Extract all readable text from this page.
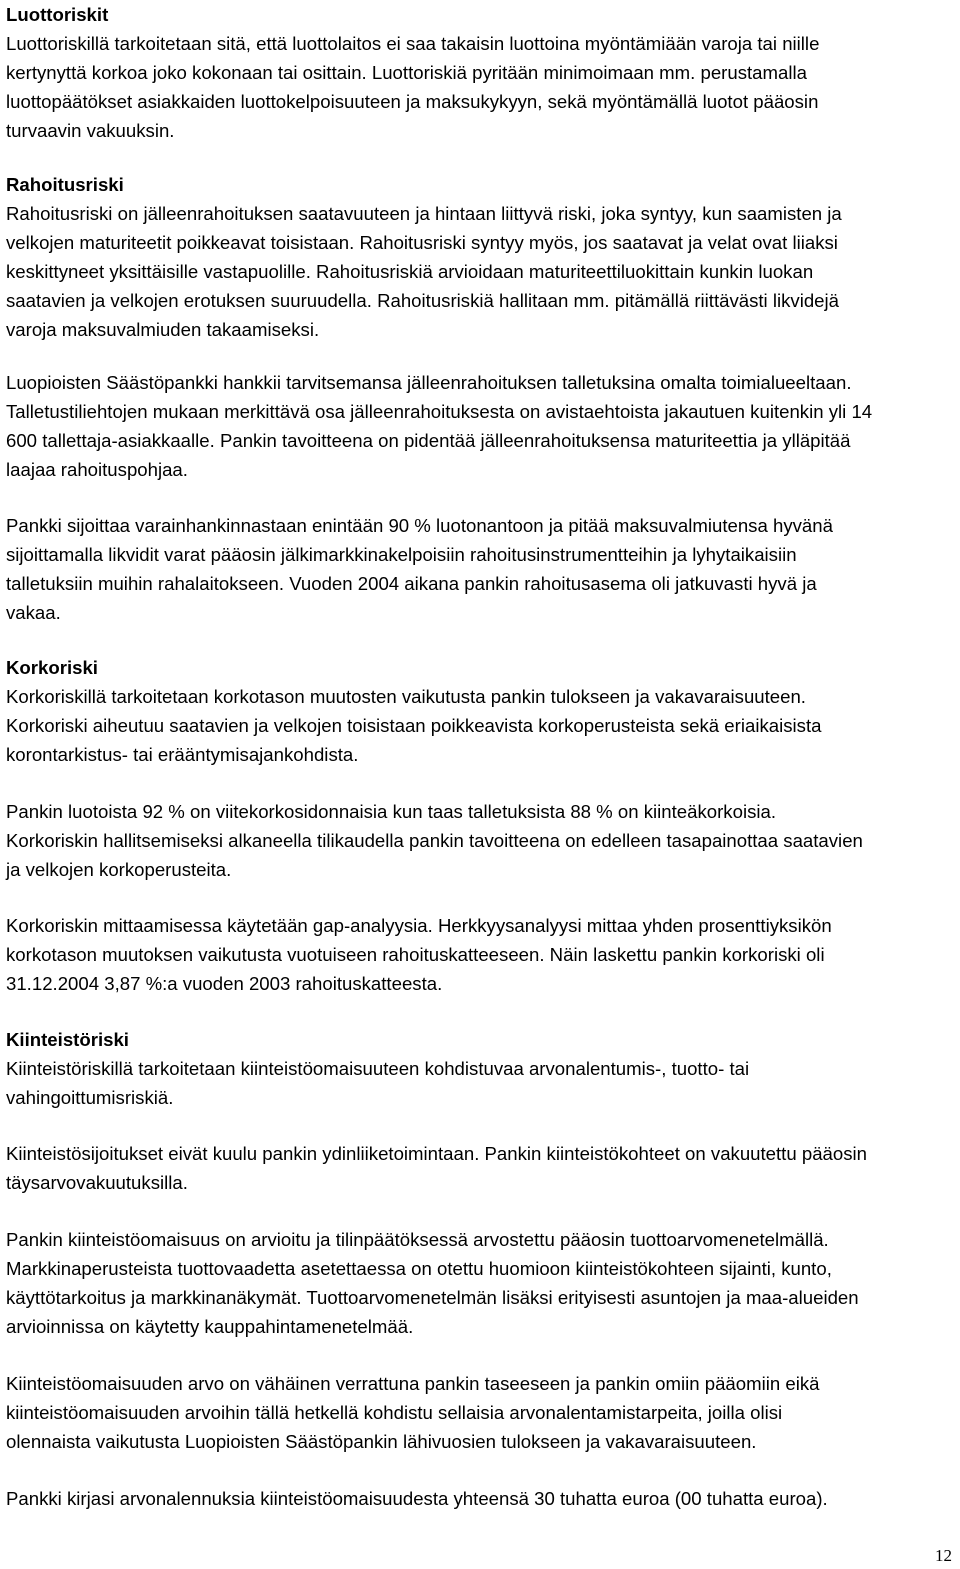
Luottoriskit
Luottoriskillä tarkoitetaan sitä, että luottolaitos ei saa takaisin luottoina myöntämiään varoja tai niille
kertynyttä korkoa joko kokonaan tai osittain. Luottoriskiä pyritään minimoimaan mm. perustamalla
luottopäätökset asiakkaiden luottokelpoisuuteen ja maksukykyyn, sekä myöntämällä luotot pääosin
turvaavin vakuuksin.
Rahoitusriski
Rahoitusriski on jälleenrahoituksen saatavuuteen ja hintaan liittyvä riski, joka syntyy, kun saamisten ja
velkojen maturiteetit poikkeavat toisistaan. Rahoitusriski syntyy myös, jos saatavat ja velat ovat liiaksi
keskittyneet yksittäisille vastapuolille. Rahoitusriskiä arvioidaan maturiteettiluokittain kunkin luokan
saatavien ja velkojen erotuksen suuruudella. Rahoitusriskiä hallitaan mm. pitämällä riittävästi likvidejä
varoja maksuvalmiuden takaamiseksi.
Luopioisten Säästöpankki hankkii tarvitsemansa jälleenrahoituksen talletuksina omalta toimialueeltaan.
Talletustiliehtojen mukaan merkittävä osa jälleenrahoituksesta on avistaehtoista jakautuen kuitenkin yli 14
600 tallettaja-asiakkaalle. Pankin tavoitteena on pidentää jälleenrahoituksensa maturiteettia ja ylläpitää
laajaa rahoituspohjaa.
Pankki sijoittaa varainhankinnastaan enintään 90 % luotonantoon ja pitää maksuvalmiutensa hyvänä
sijoittamalla likvidit varat pääosin jälkimarkkinakelpoisiin rahoitusinstrumentteihin ja lyhytaikaisiin
talletuksiin muihin rahalaitokseen. Vuoden 2004 aikana pankin rahoitusasema oli jatkuvasti hyvä ja
vakaa.
Korkoriski
Korkoriskillä tarkoitetaan korkotason muutosten vaikutusta pankin tulokseen ja vakavaraisuuteen.
Korkoriski aiheutuu saatavien ja velkojen toisistaan poikkeavista korkoperusteista sekä eriaikaisista
korontarkistus- tai erääntymisajankohdista.
Pankin luotoista 92 % on viitekorkosidonnaisia kun taas talletuksista 88 % on kiinteäkorkoisia.
Korkoriskin hallitsemiseksi alkaneella tilikaudella pankin tavoitteena on edelleen tasapainottaa saatavien
ja velkojen korkoperusteita.
Korkoriskin mittaamisessa käytetään gap-analyysia. Herkkyysanalyysi mittaa yhden prosenttiyksikön
korkotason muutoksen vaikutusta vuotuiseen rahoituskatteeseen. Näin laskettu pankin korkoriski oli
31.12.2004 3,87 %:a vuoden 2003 rahoituskatteesta.
Kiinteistöriski
Kiinteistöriskillä tarkoitetaan kiinteistöomaisuuteen kohdistuvaa arvonalentumis-, tuotto- tai
vahingoittumisriskiä.
Kiinteistösijoitukset eivät kuulu pankin ydinliiketoimintaan. Pankin kiinteistökohteet on vakuutettu pääosin
täysarvovakuutuksilla.
Pankin kiinteistöomaisuus on arvioitu ja tilinpäätöksessä arvostettu pääosin tuottoarvomenetelmällä.
Markkinaperusteista tuottovaadetta asetettaessa on otettu huomioon kiinteistökohteen sijainti, kunto,
käyttötarkoitus ja markkinanäkymät. Tuottoarvomenetelmän lisäksi erityisesti asuntojen ja maa-alueiden
arvioinnissa on käytetty kauppahintamenetelmää.
Kiinteistöomaisuuden arvo on vähäinen verrattuna pankin taseeseen ja pankin omiin pääomiin eikä
kiinteistöomaisuuden arvoihin tällä hetkellä kohdistu sellaisia arvonalentamistarpeita, joilla olisi
olennaista vaikutusta Luopioisten Säästöpankin lähivuosien tulokseen ja vakavaraisuuteen.
Pankki kirjasi arvonalennuksia kiinteistöomaisuudesta yhteensä 30 tuhatta euroa (00 tuhatta euroa).
12
